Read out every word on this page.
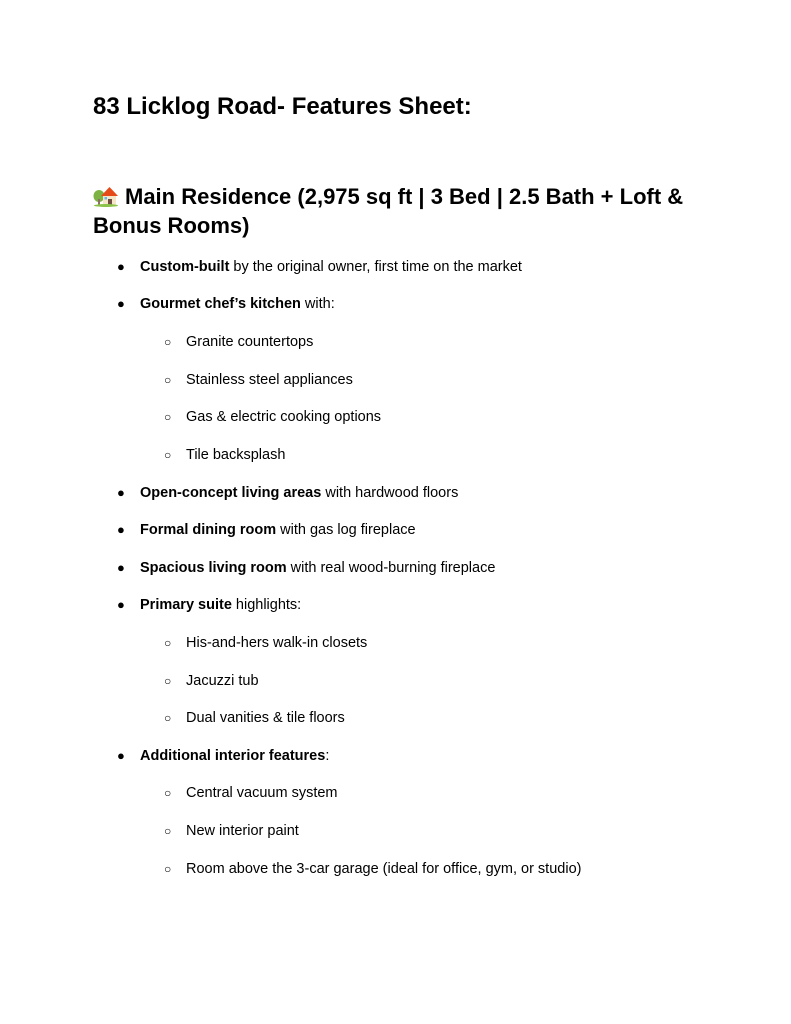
83 Licklog Road- Features Sheet:
Main Residence (2,975 sq ft | 3 Bed | 2.5 Bath + Loft & Bonus Rooms)
● Custom-built by the original owner, first time on the market
● Gourmet chef’s kitchen with:
○ Granite countertops
○ Stainless steel appliances
○ Gas & electric cooking options
○ Tile backsplash
● Open-concept living areas with hardwood floors
● Formal dining room with gas log fireplace
● Spacious living room with real wood-burning fireplace
● Primary suite highlights:
○ His-and-hers walk-in closets
○ Jacuzzi tub
○ Dual vanities & tile floors
● Additional interior features:
○ Central vacuum system
○ New interior paint
○ Room above the 3-car garage (ideal for office, gym, or studio)
